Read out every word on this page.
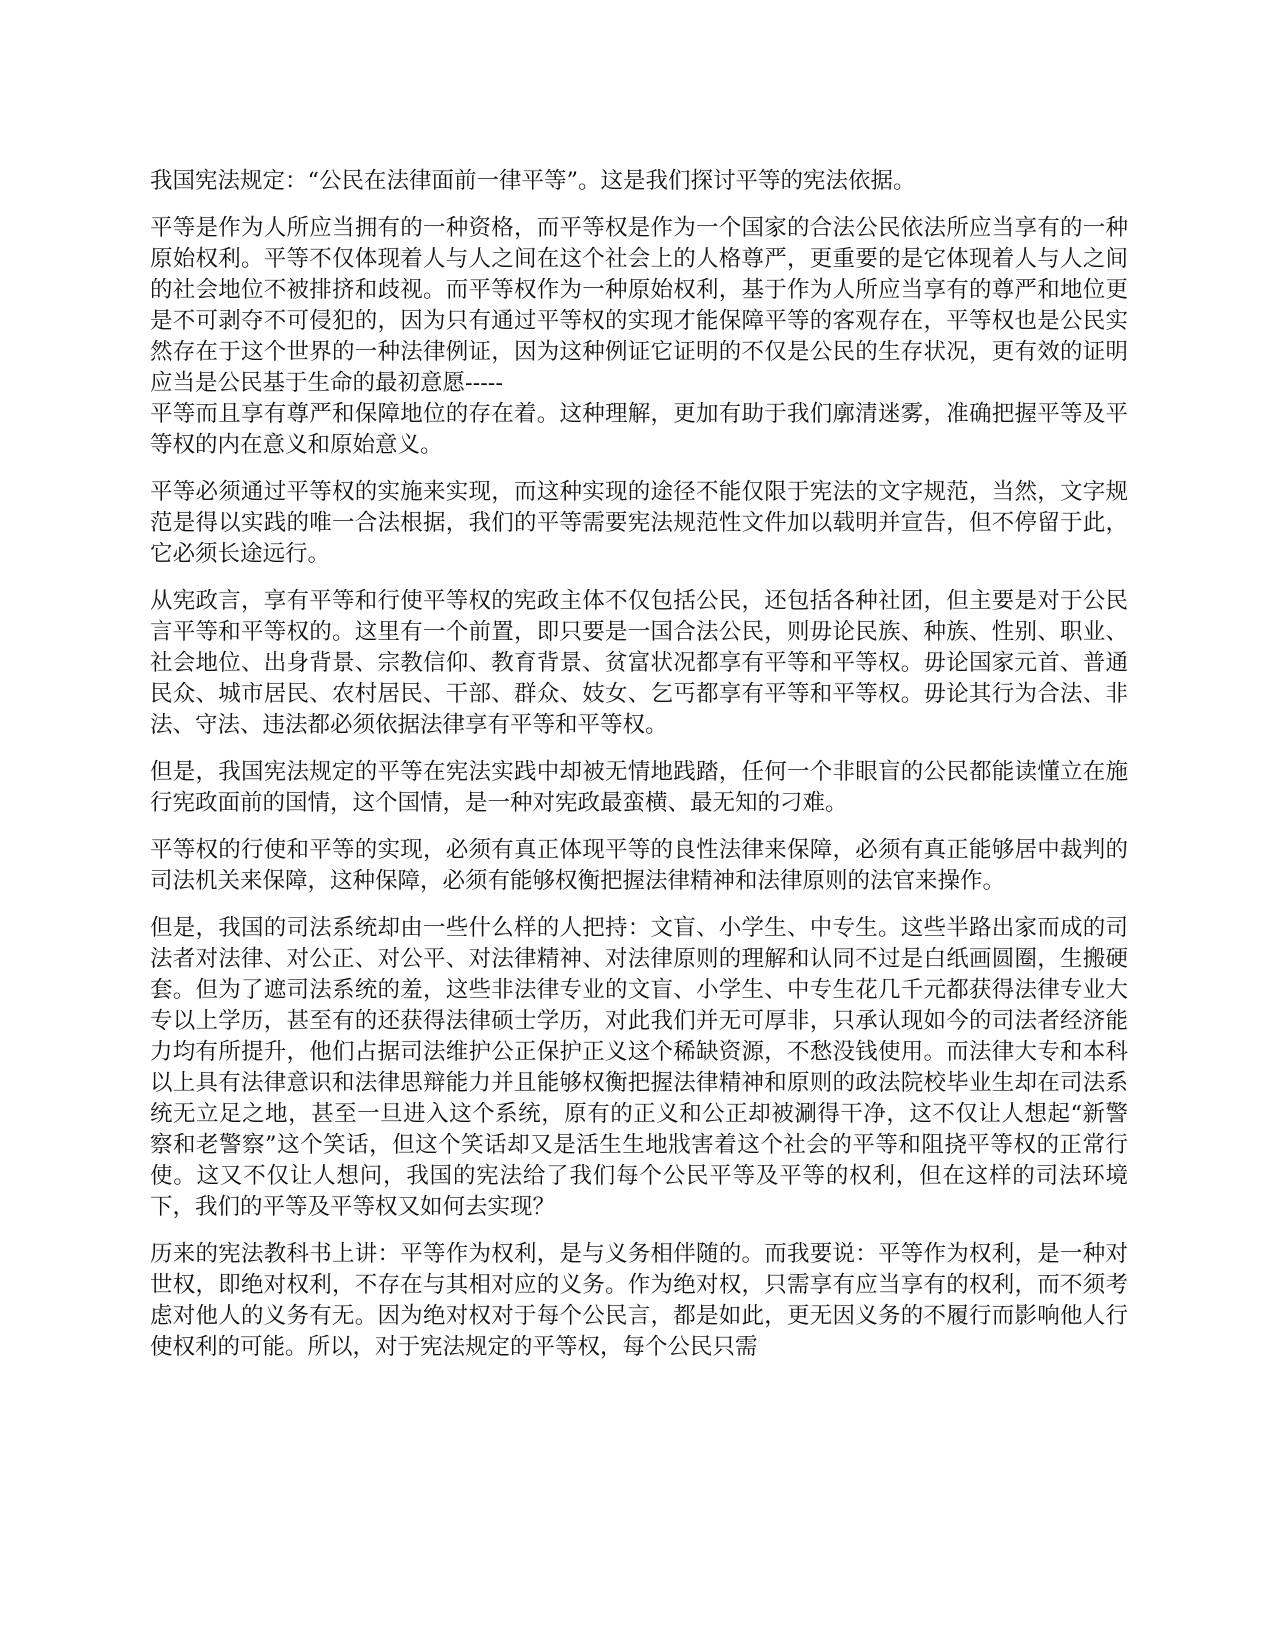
我国宪法规定：“公民在法律面前一律平等”。这是我们探讨平等的宪法依据。

平等是作为人所应当拥有的一种资格，而平等权是作为一个国家的合法公民依法所应当享有的一种原始权利。平等不仅体现着人与人之间在这个社会上的人格尊严，更重要的是它体现着人与人之间的社会地位不被排挤和歧视。而平等权作为一种原始权利，基于作为人所应当享有的尊严和地位更是不可剥夺不可侵犯的，因为只有通过平等权的实现才能保障平等的客观存在，平等权也是公民实然存在于这个世界的一种法律例证，因为这种例证它证明的不仅是公民的生存状况，更有效的证明应当是公民基于生命的最初意愿-----

平等而且享有尊严和保障地位的存在着。这种理解，更加有助于我们廓清迷雾，准确把握平等及平等权的内在意义和原始意义。

平等必须通过平等权的实施来实现，而这种实现的途径不能仅限于宪法的文字规范，当然，文字规范是得以实践的唯一合法根据，我们的平等需要宪法规范性文件加以载明并宣告，但不停留于此，它必须长途远行。

从宪政言，享有平等和行使平等权的宪政主体不仅包括公民，还包括各种社团，但主要是对于公民言平等和平等权的。这里有一个前置，即只要是一国合法公民，则毋论民族、种族、性别、职业、社会地位、出身背景、宗教信仰、教育背景、贫富状况都享有平等和平等权。毋论国家元首、普通民众、城市居民、农村居民、干部、群众、妓女、乞丐都享有平等和平等权。毋论其行为合法、非法、守法、违法都必须依据法律享有平等和平等权。

但是，我国宪法规定的平等在宪法实践中却被无情地践踏，任何一个非眼盲的公民都能读懂立在施行宪政面前的国情，这个国情，是一种对宪政最蛮横、最无知的刁难。

平等权的行使和平等的实现，必须有真正体现平等的良性法律来保障，必须有真正能够居中裁判的司法机关来保障，这种保障，必须有能够权衡把握法律精神和法律原则的法官来操作。

但是，我国的司法系统却由一些什么样的人把持：文盲、小学生、中专生。这些半路出家而成的司法者对法律、对公正、对公平、对法律精神、对法律原则的理解和认同不过是白纸画圆圈，生搬硬套。但为了遮司法系统的羞，这些非法律专业的文盲、小学生、中专生花几千元都获得法律专业大专以上学历，甚至有的还获得法律硕士学历，对此我们并无可厚非，只承认现如今的司法者经济能力均有所提升，他们占据司法维护公正保护正义这个稀缺资源，不愁没钱使用。而法律大专和本科以上具有法律意识和法律思辩能力并且能够权衡把握法律精神和原则的政法院校毕业生却在司法系统无立足之地，甚至一旦进入这个系统，原有的正义和公正却被涮得干净，这不仅让人想起“新警察和老警察”这个笑话，但这个笑话却又是活生生地戕害着这个社会的平等和阻挠平等权的正常行使。这又不仅让人想问，我国的宪法给了我们每个公民平等及平等的权利，但在这样的司法环境下，我们的平等及平等权又如何去实现？

历来的宪法教科书上讲：平等作为权利，是与义务相伴随的。而我要说：平等作为权利，是一种对世权，即绝对权利，不存在与其相对应的义务。作为绝对权，只需享有应当享有的权利，而不须考虑对他人的义务有无。因为绝对权对于每个公民言，都是如此，更无因义务的不履行而影响他人行使权利的可能。所以，对于宪法规定的平等权，每个公民只需
